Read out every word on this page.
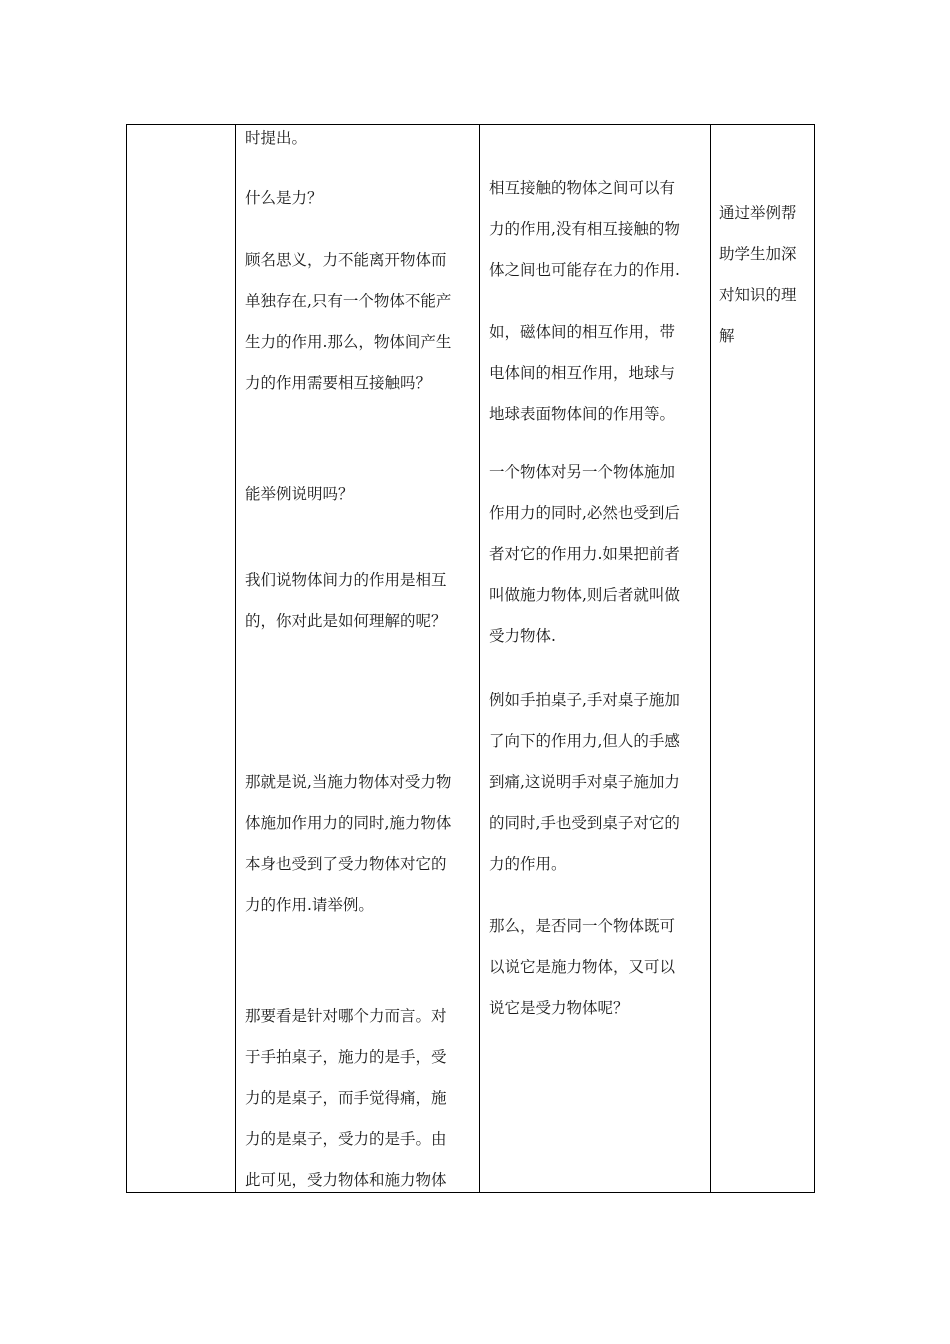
时提出。

什么是力？

顾名思义，力不能离开物体而
单独存在,只有一个物体不能产
生力的作用.那么，物体间产生
力的作用需要相互接触吗？

能举例说明吗？

我们说物体间力的作用是相互
的，你对此是如何理解的呢？

那就是说,当施力物体对受力物
体施加作用力的同时,施力物体
本身也受到了受力物体对它的
力的作用.请举例。

那要看是针对哪个力而言。对
于手拍桌子，施力的是手，受
力的是桌子，而手觉得痛，施
力的是桌子，受力的是手。由
此可见，受力物体和施力物体

相互接触的物体之间可以有
力的作用,没有相互接触的物
体之间也可能存在力的作用.

如，磁体间的相互作用，带
电体间的相互作用，地球与
地球表面物体间的作用等。

一个物体对另一个物体施加
作用力的同时,必然也受到后
者对它的作用力.如果把前者
叫做施力物体,则后者就叫做
受力物体.

例如手拍桌子,手对桌子施加
了向下的作用力,但人的手感
到痛,这说明手对桌子施加力
的同时,手也受到桌子对它的
力的作用。

那么，是否同一个物体既可
以说它是施力物体，又可以
说它是受力物体呢？

通过举例帮
助学生加深
对知识的理
解
